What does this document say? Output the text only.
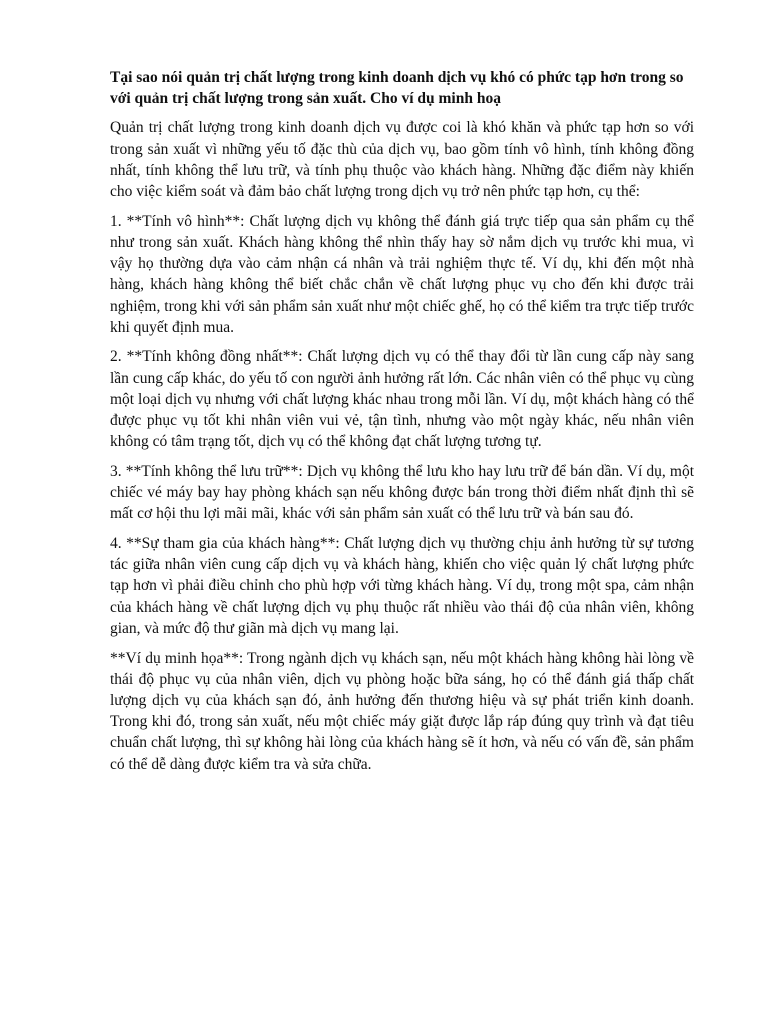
Tại sao nói quản trị chất lượng trong kinh doanh dịch vụ khó có phức tạp hơn trong so với quản trị chất lượng trong sản xuất. Cho ví dụ minh hoạ

Quản trị chất lượng trong kinh doanh dịch vụ được coi là khó khăn và phức tạp hơn so với trong sản xuất vì những yếu tố đặc thù của dịch vụ, bao gồm tính vô hình, tính không đồng nhất, tính không thể lưu trữ, và tính phụ thuộc vào khách hàng. Những đặc điểm này khiến cho việc kiểm soát và đảm bảo chất lượng trong dịch vụ trở nên phức tạp hơn, cụ thể:

1. **Tính vô hình**: Chất lượng dịch vụ không thể đánh giá trực tiếp qua sản phẩm cụ thể như trong sản xuất. Khách hàng không thể nhìn thấy hay sờ nắm dịch vụ trước khi mua, vì vậy họ thường dựa vào cảm nhận cá nhân và trải nghiệm thực tế. Ví dụ, khi đến một nhà hàng, khách hàng không thể biết chắc chắn về chất lượng phục vụ cho đến khi được trải nghiệm, trong khi với sản phẩm sản xuất như một chiếc ghế, họ có thể kiểm tra trực tiếp trước khi quyết định mua.

2. **Tính không đồng nhất**: Chất lượng dịch vụ có thể thay đổi từ lần cung cấp này sang lần cung cấp khác, do yếu tố con người ảnh hưởng rất lớn. Các nhân viên có thể phục vụ cùng một loại dịch vụ nhưng với chất lượng khác nhau trong mỗi lần. Ví dụ, một khách hàng có thể được phục vụ tốt khi nhân viên vui vẻ, tận tình, nhưng vào một ngày khác, nếu nhân viên không có tâm trạng tốt, dịch vụ có thể không đạt chất lượng tương tự.

3. **Tính không thể lưu trữ**: Dịch vụ không thể lưu kho hay lưu trữ để bán dần. Ví dụ, một chiếc vé máy bay hay phòng khách sạn nếu không được bán trong thời điểm nhất định thì sẽ mất cơ hội thu lợi mãi mãi, khác với sản phẩm sản xuất có thể lưu trữ và bán sau đó.

4. **Sự tham gia của khách hàng**: Chất lượng dịch vụ thường chịu ảnh hưởng từ sự tương tác giữa nhân viên cung cấp dịch vụ và khách hàng, khiến cho việc quản lý chất lượng phức tạp hơn vì phải điều chỉnh cho phù hợp với từng khách hàng. Ví dụ, trong một spa, cảm nhận của khách hàng về chất lượng dịch vụ phụ thuộc rất nhiều vào thái độ của nhân viên, không gian, và mức độ thư giãn mà dịch vụ mang lại.

**Ví dụ minh họa**: Trong ngành dịch vụ khách sạn, nếu một khách hàng không hài lòng về thái độ phục vụ của nhân viên, dịch vụ phòng hoặc bữa sáng, họ có thể đánh giá thấp chất lượng dịch vụ của khách sạn đó, ảnh hưởng đến thương hiệu và sự phát triển kinh doanh. Trong khi đó, trong sản xuất, nếu một chiếc máy giặt được lắp ráp đúng quy trình và đạt tiêu chuẩn chất lượng, thì sự không hài lòng của khách hàng sẽ ít hơn, và nếu có vấn đề, sản phẩm có thể dễ dàng được kiểm tra và sửa chữa.
